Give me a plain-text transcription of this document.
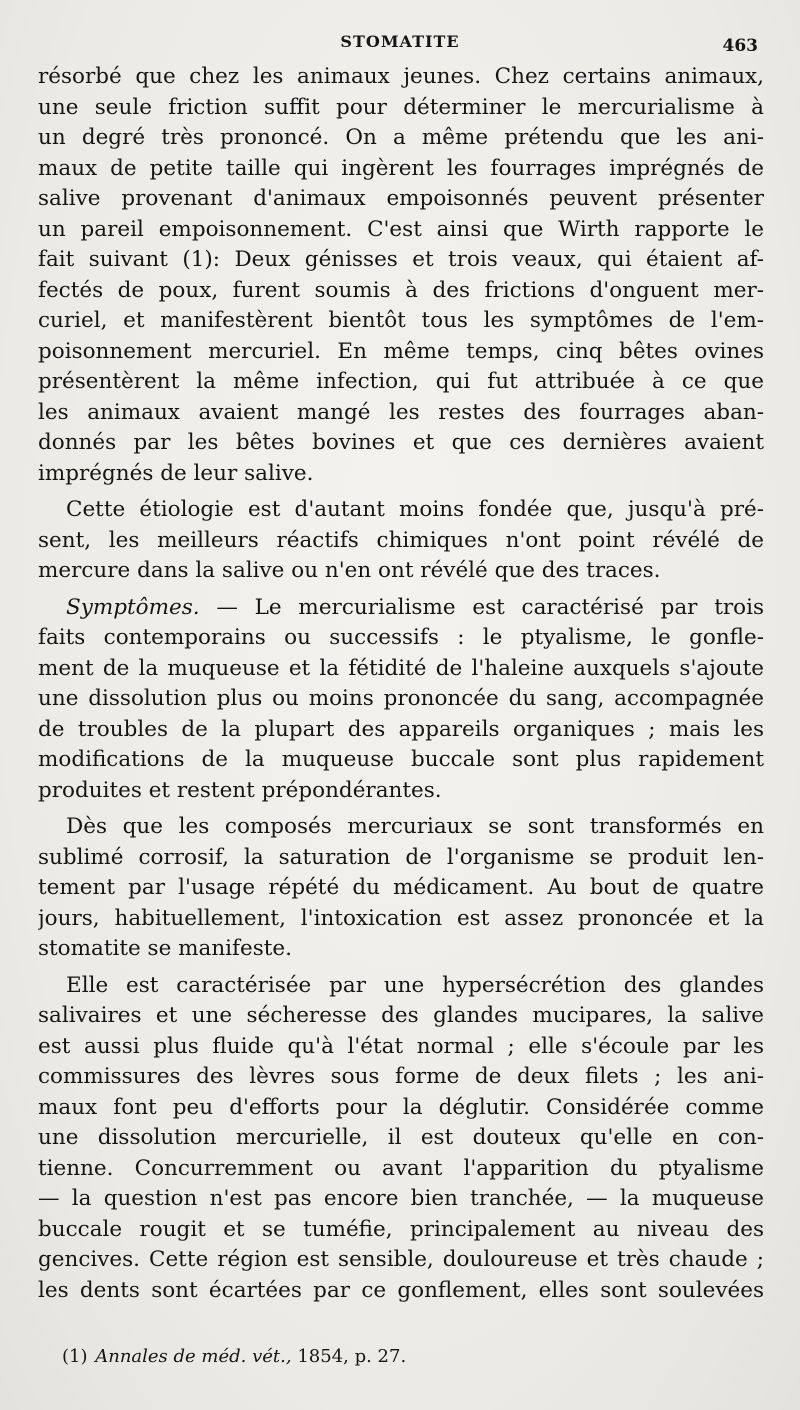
STOMATITE	463
résorbé que chez les animaux jeunes. Chez certains animaux,
une seule friction suffit pour déterminer le mercurialisme à
un degré très prononcé. On a même prétendu que les ani-
maux de petite taille qui ingèrent les fourrages imprégnés de
salive provenant d'animaux empoisonnés peuvent présenter
un pareil empoisonnement. C'est ainsi que Wirth rapporte le
fait suivant (1): Deux génisses et trois veaux, qui étaient af-
fectés de poux, furent soumis à des frictions d'onguent mer-
curiel, et manifestèrent bientôt tous les symptômes de l'em-
poisonnement mercuriel. En même temps, cinq bêtes ovines
présentèrent la même infection, qui fut attribuée à ce que
les animaux avaient mangé les restes des fourrages aban-
donnés par les bêtes bovines et que ces dernières avaient
imprégnés de leur salive.
Cette étiologie est d'autant moins fondée que, jusqu'à pré-
sent, les meilleurs réactifs chimiques n'ont point révélé de
mercure dans la salive ou n'en ont révélé que des traces.
Symptômes. — Le mercurialisme est caractérisé par trois
faits contemporains ou successifs : le ptyalisme, le gonfle-
ment de la muqueuse et la fétidité de l'haleine auxquels s'ajoute
une dissolution plus ou moins prononcée du sang, accompagnée
de troubles de la plupart des appareils organiques ; mais les
modifications de la muqueuse buccale sont plus rapidement
produites et restent prépondérantes.
Dès que les composés mercuriaux se sont transformés en
sublimé corrosif, la saturation de l'organisme se produit len-
tement par l'usage répété du médicament. Au bout de quatre
jours, habituellement, l'intoxication est assez prononcée et la
stomatite se manifeste.
Elle est caractérisée par une hypersécrétion des glandes
salivaires et une sécheresse des glandes mucipares, la salive
est aussi plus fluide qu'à l'état normal ; elle s'écoule par les
commissures des lèvres sous forme de deux filets ; les ani-
maux font peu d'efforts pour la déglutir. Considérée comme
une dissolution mercurielle, il est douteux qu'elle en con-
tienne. Concurremment ou avant l'apparition du ptyalisme
— la question n'est pas encore bien tranchée, — la muqueuse
buccale rougit et se tuméfie, principalement au niveau des
gencives. Cette région est sensible, douloureuse et très chaude ;
les dents sont écartées par ce gonflement, elles sont soulevées
(1) Annales de méd. vét., 1854, p. 27.
